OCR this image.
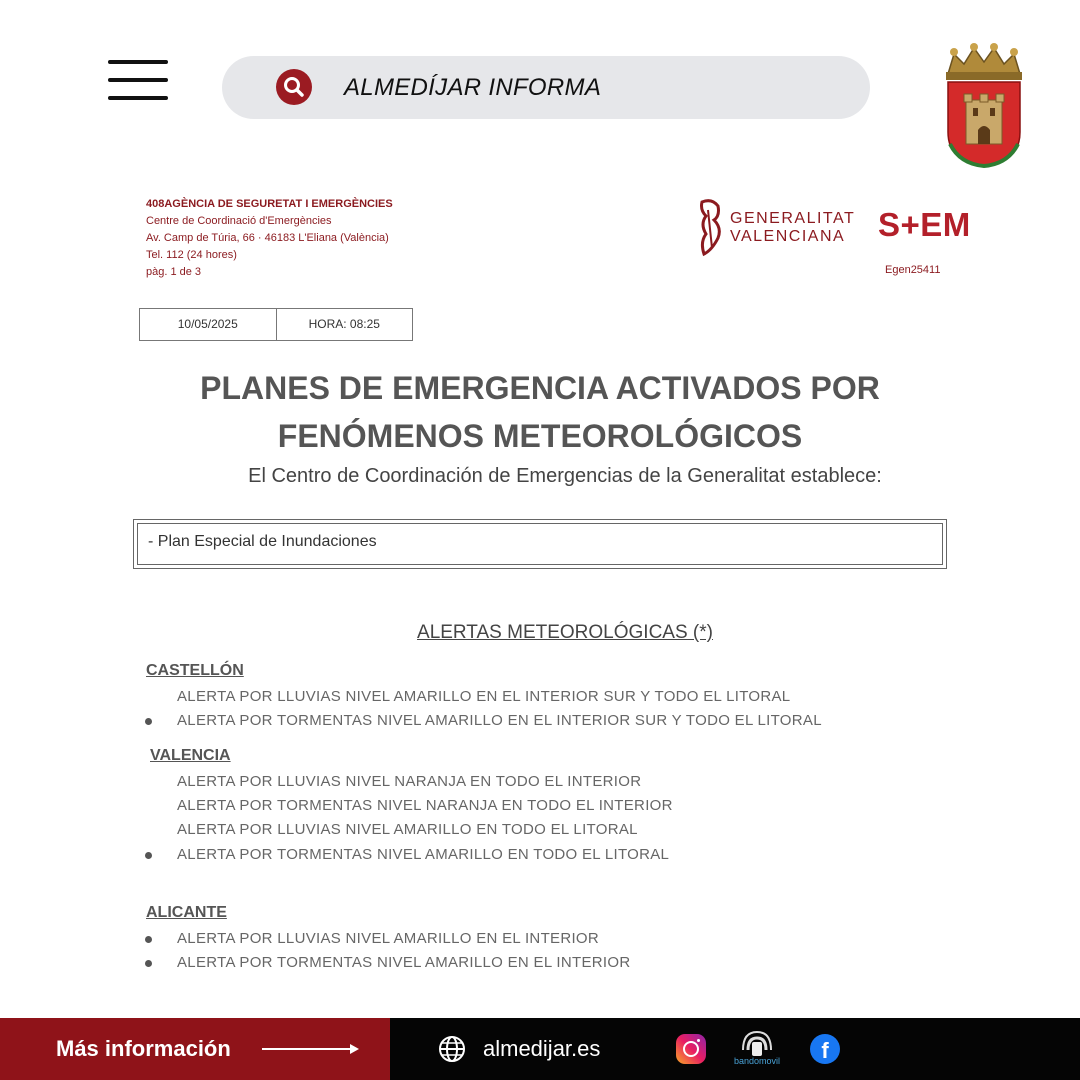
ALMEDÍJAR INFORMA
408AGÈNCIA DE SEGURETAT I EMERGÈNCIES
Centre de Coordinació d'Emergències
Av. Camp de Túria, 66 · 46183 L'Eliana (València)
Tel. 112 (24 hores)
pàg. 1 de 3
GENERALITAT
VALENCIANA S+EM
Egen25411
10/05/2025	HORA: 08:25
PLANES DE EMERGENCIA ACTIVADOS POR
FENÓMENOS METEOROLÓGICOS
El Centro de Coordinación de Emergencias de la Generalitat establece:
- Plan Especial de Inundaciones
ALERTAS METEOROLÓGICAS (*)
CASTELLÓN
ALERTA POR LLUVIAS NIVEL AMARILLO EN EL INTERIOR SUR Y TODO EL LITORAL
ALERTA POR TORMENTAS NIVEL AMARILLO EN EL INTERIOR SUR Y TODO EL LITORAL
VALENCIA
ALERTA POR LLUVIAS NIVEL NARANJA EN TODO EL INTERIOR
ALERTA POR TORMENTAS NIVEL NARANJA EN TODO EL INTERIOR
ALERTA POR LLUVIAS NIVEL AMARILLO EN TODO EL LITORAL
ALERTA POR TORMENTAS NIVEL AMARILLO EN TODO EL LITORAL
ALICANTE
ALERTA POR LLUVIAS NIVEL AMARILLO EN EL INTERIOR
ALERTA POR TORMENTAS NIVEL AMARILLO EN EL INTERIOR
Más información	almedijar.es	bandomovil	f
